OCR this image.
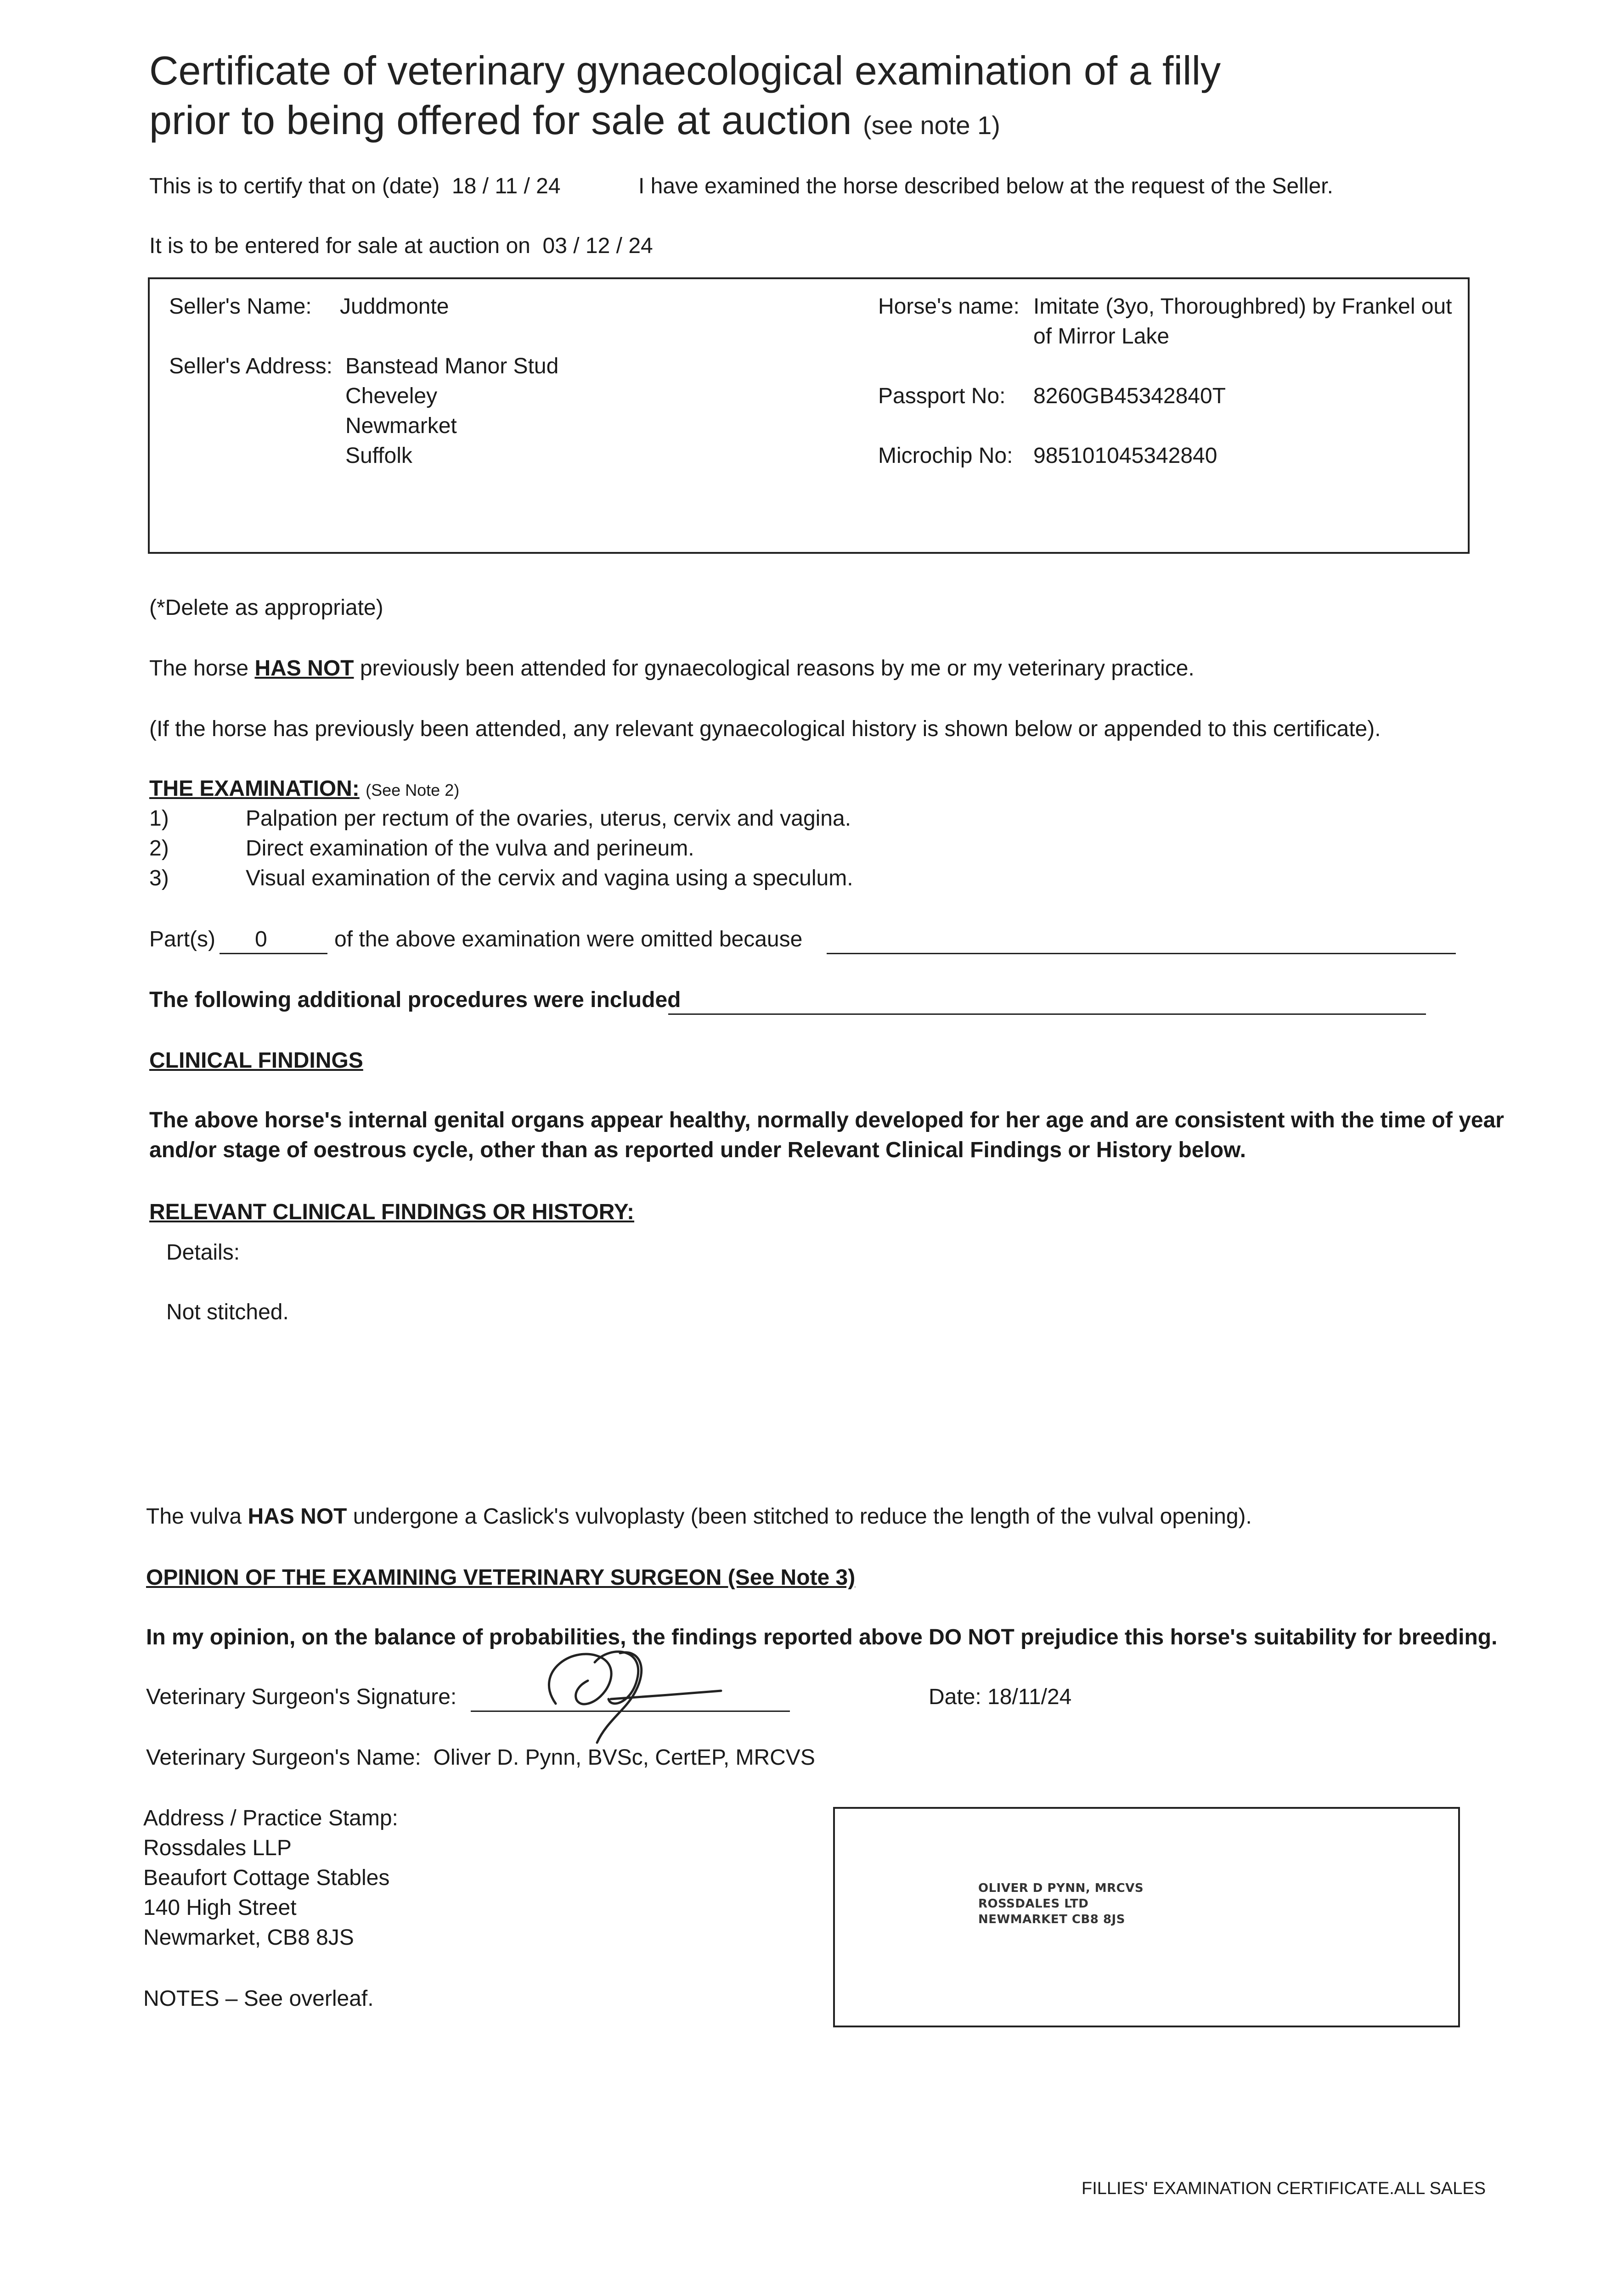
Certificate of veterinary gynaecological examination of a filly
prior to being offered for sale at auction (see note 1)
This is to certify that on (date) 18 / 11 / 24	I have examined the horse described below at the request of the Seller.
It is to be entered for sale at auction on 03 / 12 / 24
Seller's Name: Juddmonte
Seller's Address: Banstead Manor Stud
Cheveley
Newmarket
Suffolk
Horse's name: Imitate (3yo, Thoroughbred) by Frankel out
of Mirror Lake
Passport No: 8260GB45342840T
Microchip No: 985101045342840
(*Delete as appropriate)
The horse HAS NOT previously been attended for gynaecological reasons by me or my veterinary practice.
(If the horse has previously been attended, any relevant gynaecological history is shown below or appended to this certificate).
THE EXAMINATION: (See Note 2)
1)	Palpation per rectum of the ovaries, uterus, cervix and vagina.
2)	Direct examination of the vulva and perineum.
3)	Visual examination of the cervix and vagina using a speculum.
Part(s) 0	of the above examination were omitted because
The following additional procedures were included
CLINICAL FINDINGS
The above horse's internal genital organs appear healthy, normally developed for her age and are consistent with the time of year
and/or stage of oestrous cycle, other than as reported under Relevant Clinical Findings or History below.
RELEVANT CLINICAL FINDINGS OR HISTORY:
Details:
Not stitched.
The vulva HAS NOT undergone a Caslick's vulvoplasty (been stitched to reduce the length of the vulval opening).
OPINION OF THE EXAMINING VETERINARY SURGEON (See Note 3)
In my opinion, on the balance of probabilities, the findings reported above DO NOT prejudice this horse's suitability for breeding.
Veterinary Surgeon's Signature:	Date: 18/11/24
Veterinary Surgeon's Name: Oliver D. Pynn, BVSc, CertEP, MRCVS
Address / Practice Stamp:
Rossdales LLP
Beaufort Cottage Stables
140 High Street
Newmarket, CB8 8JS
OLIVER D PYNN, MRCVS
ROSSDALES LTD
NEWMARKET CB8 8JS
NOTES – See overleaf.
FILLIES' EXAMINATION CERTIFICATE.ALL SALES
